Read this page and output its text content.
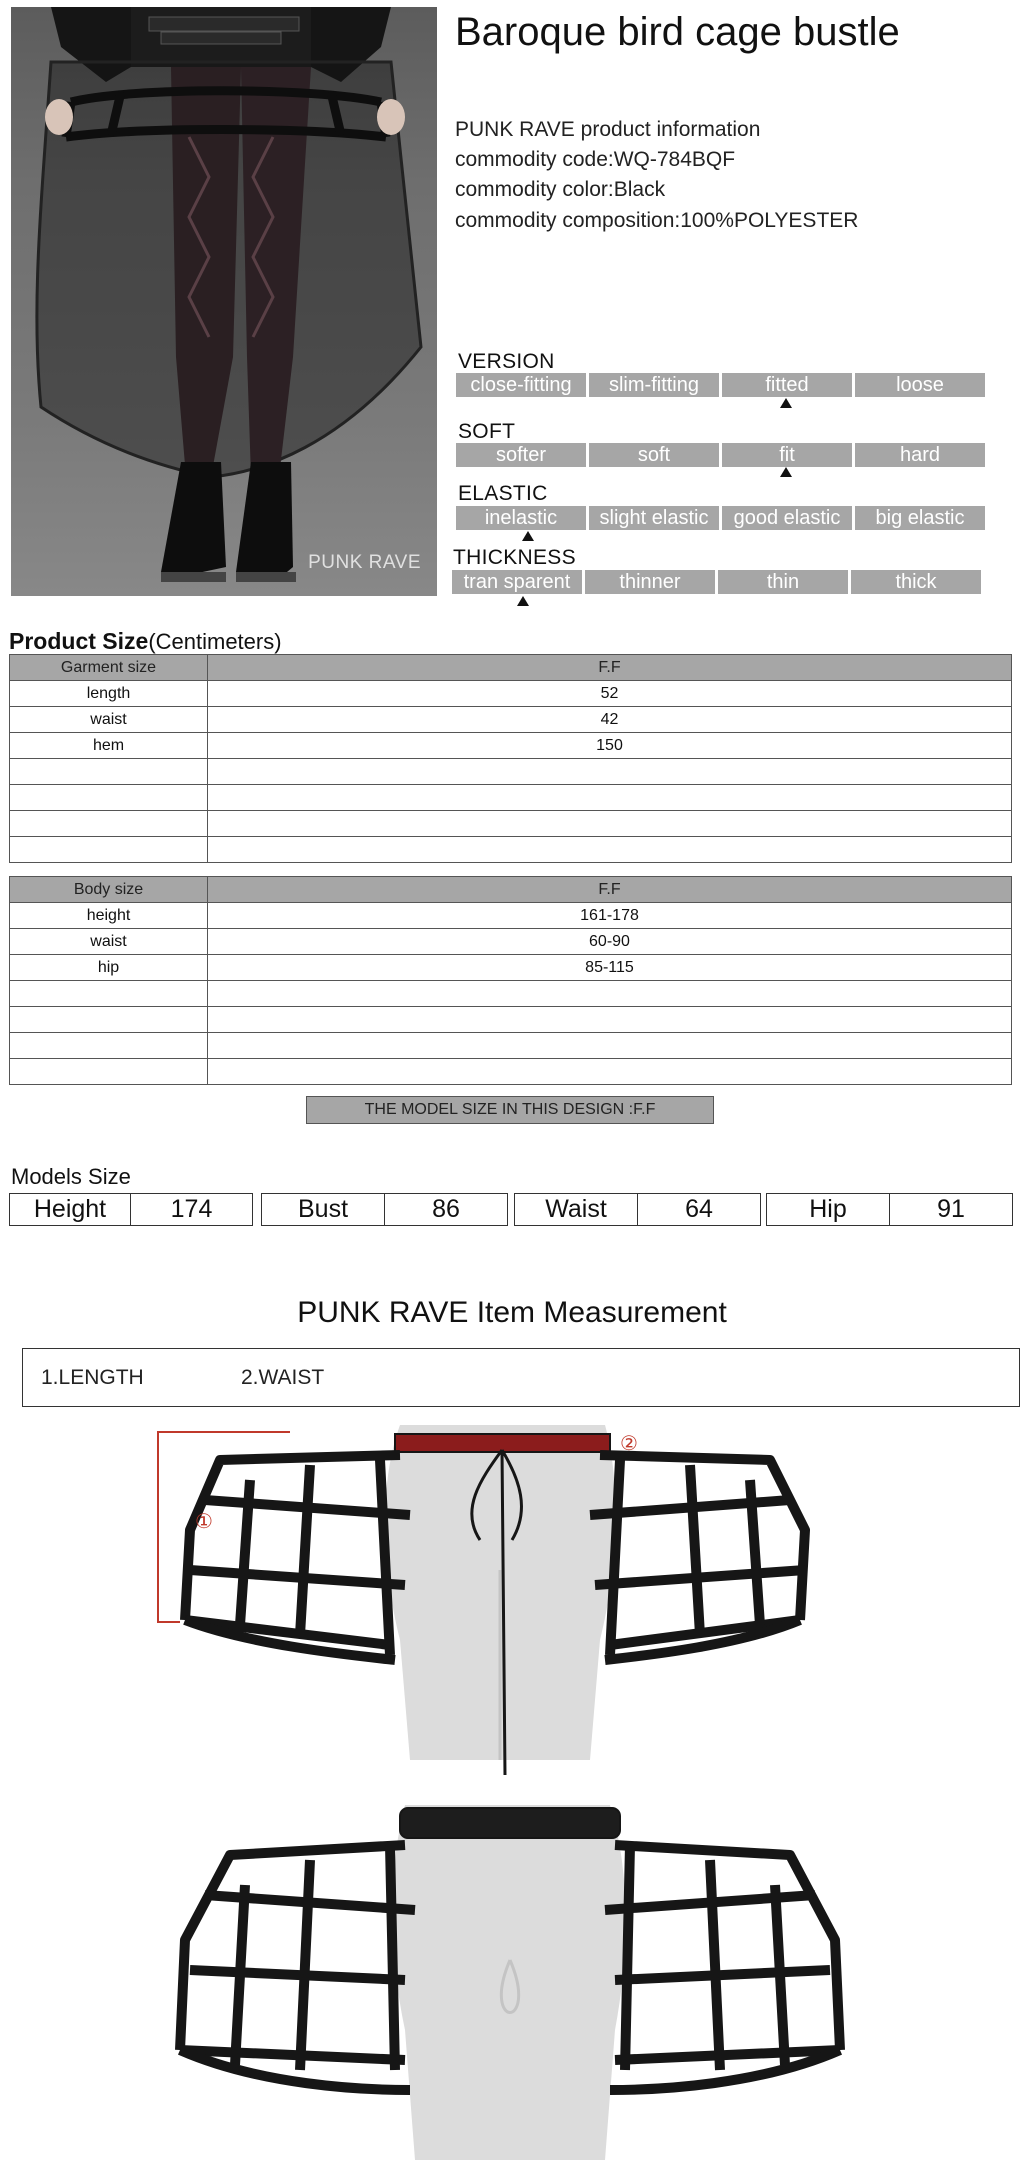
PUNK RAVE
Baroque bird cage bustle
PUNK RAVE product information
commodity code:WQ-784BQF
commodity color:Black
commodity composition:100%POLYESTER
VERSION
close-fitting	slim-fitting	fitted	loose
SOFT
softer	soft	fit	hard
ELASTIC
inelastic	slight elastic	good elastic	big elastic
THICKNESS
tran sparent	thinner	thin	thick
Product Size(Centimeters)
Garment size	F.F
length	52
waist	42
hem	150

Body size	F.F
height	161-178
waist	60-90
hip	85-115

THE MODEL SIZE IN THIS DESIGN :F.F
Models Size
Height	174	Bust	86	Waist	64	Hip	91
PUNK RAVE Item Measurement
1.LENGTH	2.WAIST
①
②
